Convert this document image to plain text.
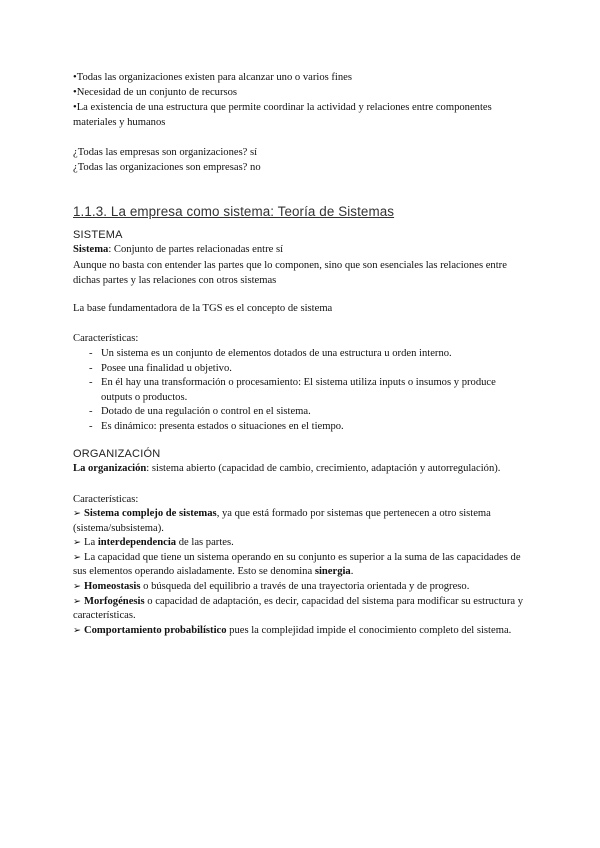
•Todas las organizaciones existen para alcanzar uno o varios fines

•Necesidad de un conjunto de recursos

•La existencia de una estructura que permite coordinar la actividad y relaciones entre componentes materiales y humanos

¿Todas las empresas son organizaciones? sí

¿Todas las organizaciones son empresas? no

1.1.3. La empresa como sistema: Teoría de Sistemas

SISTEMA

Sistema: Conjunto de partes relacionadas entre sí

Aunque no basta con entender las partes que lo componen, sino que son esenciales las relaciones entre dichas partes y las relaciones con otros sistemas

La base fundamentadora de la TGS es el concepto de sistema

Características:

- Un sistema es un conjunto de elementos dotados de una estructura u orden interno.
- Posee una finalidad u objetivo.
- En él hay una transformación o procesamiento: El sistema utiliza inputs o insumos y produce outputs o productos.
- Dotado de una regulación o control en el sistema.
- Es dinámico: presenta estados o situaciones en el tiempo.

ORGANIZACIÓN

La organización: sistema abierto (capacidad de cambio, crecimiento, adaptación y autorregulación).

Características:

➢ Sistema complejo de sistemas, ya que está formado por sistemas que pertenecen a otro sistema (sistema/subsistema).
➢ La interdependencia de las partes.
➢ La capacidad que tiene un sistema operando en su conjunto es superior a la suma de las capacidades de sus elementos operando aisladamente. Esto se denomina sinergia.
➢ Homeostasis o búsqueda del equilibrio a través de una trayectoria orientada y de progreso.
➢ Morfogénesis o capacidad de adaptación, es decir, capacidad del sistema para modificar su estructura y características.
➢ Comportamiento probabilístico pues la complejidad impide el conocimiento completo del sistema.
